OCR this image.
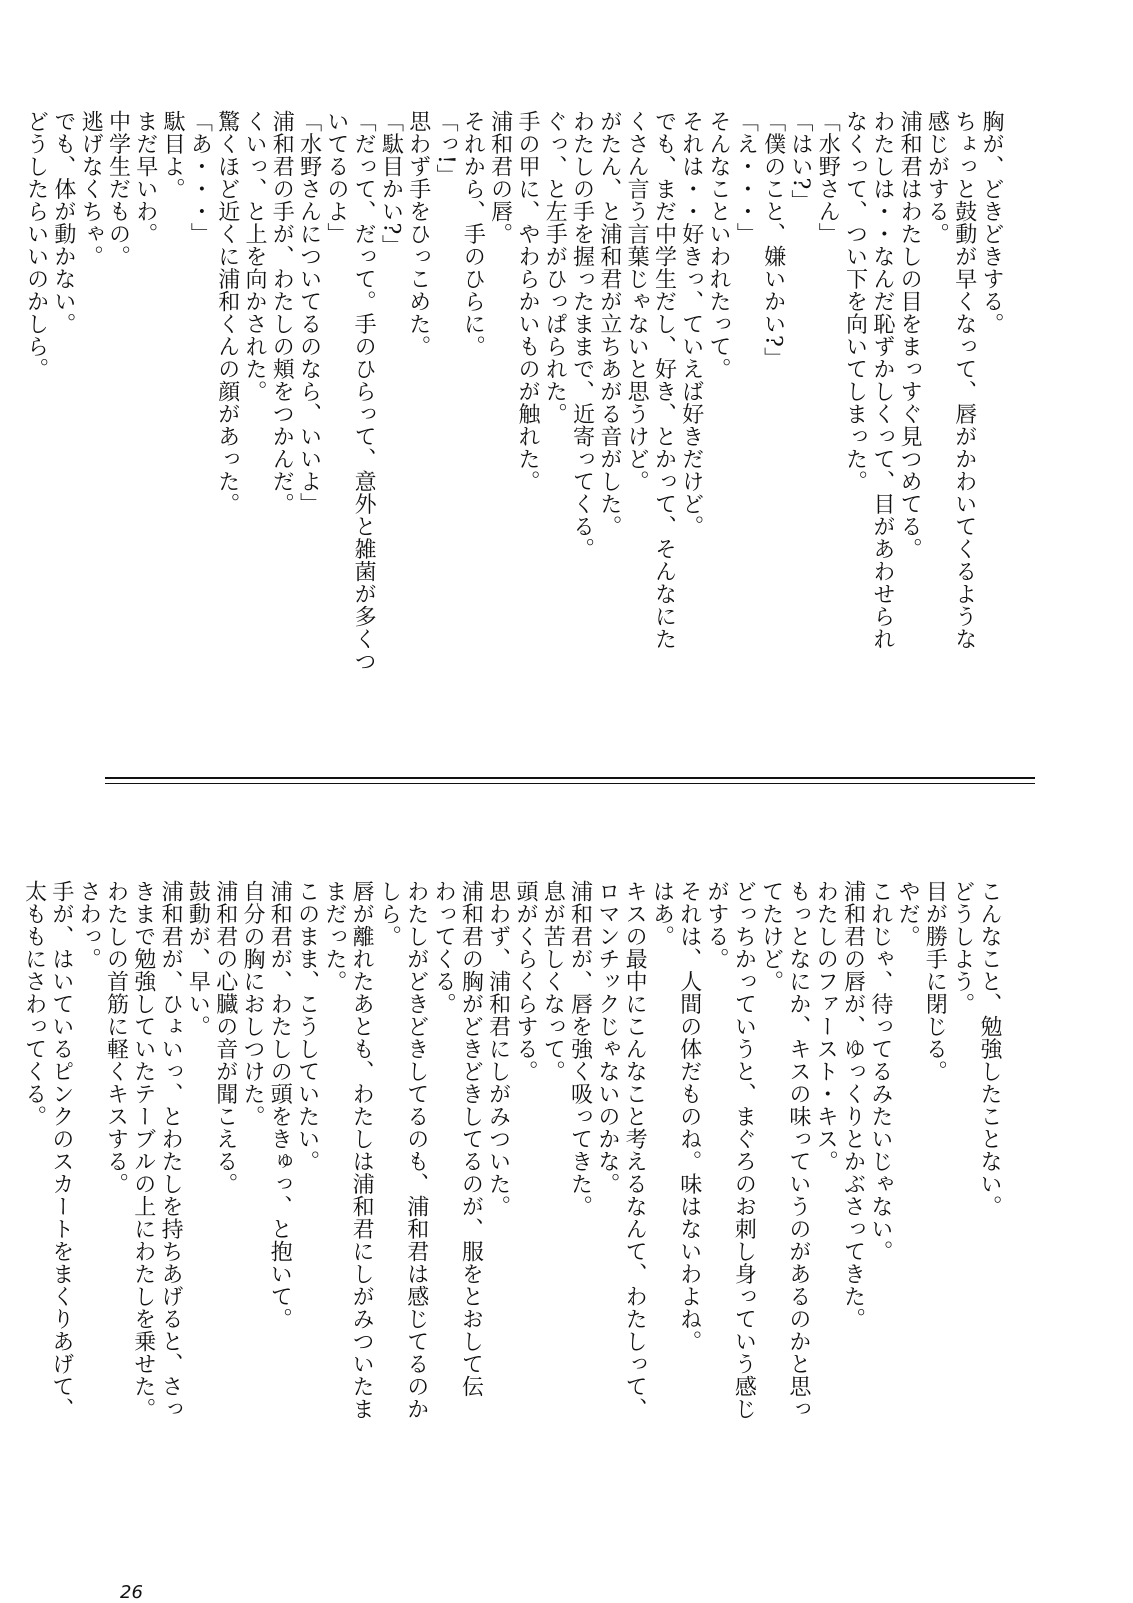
胸が、どきどきする。
ちょっと鼓動が早くなって、唇がかわいてくるような
感じがする。
浦和君はわたしの目をまっすぐ見つめてる。
わたしは・・なんだ恥ずかしくって、目があわせられ
なくって、つい下を向いてしまった。
「水野さん」
「はい?」
「僕のこと、嫌いかい?」
「え・・・」
そんなこといわれたって。
それは・・好きっ、ていえば好きだけど。
でも、まだ中学生だし、好き、とかって、そんなにた
くさん言う言葉じゃないと思うけど。
がたん、と浦和君が立ちあがる音がした。
わたしの手を握ったままで、近寄ってくる。
ぐっ、と左手がひっぱられた。
手の甲に、やわらかいものが触れた。
浦和君の唇。
それから、手のひらに。
「っ!」
思わず手をひっこめた。
「駄目かい?」
「だって、だって。手のひらって、意外と雑菌が多くつ
いてるのよ」
「水野さんについてるのなら、いいよ」
浦和君の手が、わたしの頬をつかんだ。
くいっ、と上を向かされた。
驚くほど近くに浦和くんの顔があった。
「あ・・・」
駄目よ。
まだ早いわ。
中学生だもの。
逃げなくちゃ。
でも、体が動かない。
どうしたらいいのかしら。
こんなこと、勉強したことない。
どうしよう。
目が勝手に閉じる。
やだ。
これじゃ、待ってるみたいじゃない。
浦和君の唇が、ゆっくりとかぶさってきた。
わたしのファースト・キス。
もっとなにか、キスの味っていうのがあるのかと思っ
てたけど。
どっちかっていうと、まぐろのお刺し身っていう感じ
がする。
それは、人間の体だものね。味はないわよね。
はあ。
キスの最中にこんなこと考えるなんて、わたしって、
ロマンチックじゃないのかな。
浦和君が、唇を強く吸ってきた。
息が苦しくなって。
頭がくらくらする。
思わず、浦和君にしがみついた。
浦和君の胸がどきどきしてるのが、服をとおして伝
わってくる。
わたしがどきどきしてるのも、浦和君は感じてるのか
しら。
唇が離れたあとも、わたしは浦和君にしがみついたま
まだった。
このまま、こうしていたい。
浦和君が、わたしの頭をきゅっ、と抱いて。
自分の胸におしつけた。
浦和君の心臓の音が聞こえる。
鼓動が、早い。
浦和君が、ひょいっ、とわたしを持ちあげると、さっ
きまで勉強していたテーブルの上にわたしを乗せた。
わたしの首筋に軽くキスする。
さわっ。
手が、はいているピンクのスカートをまくりあげて、
太ももにさわってくる。
26
